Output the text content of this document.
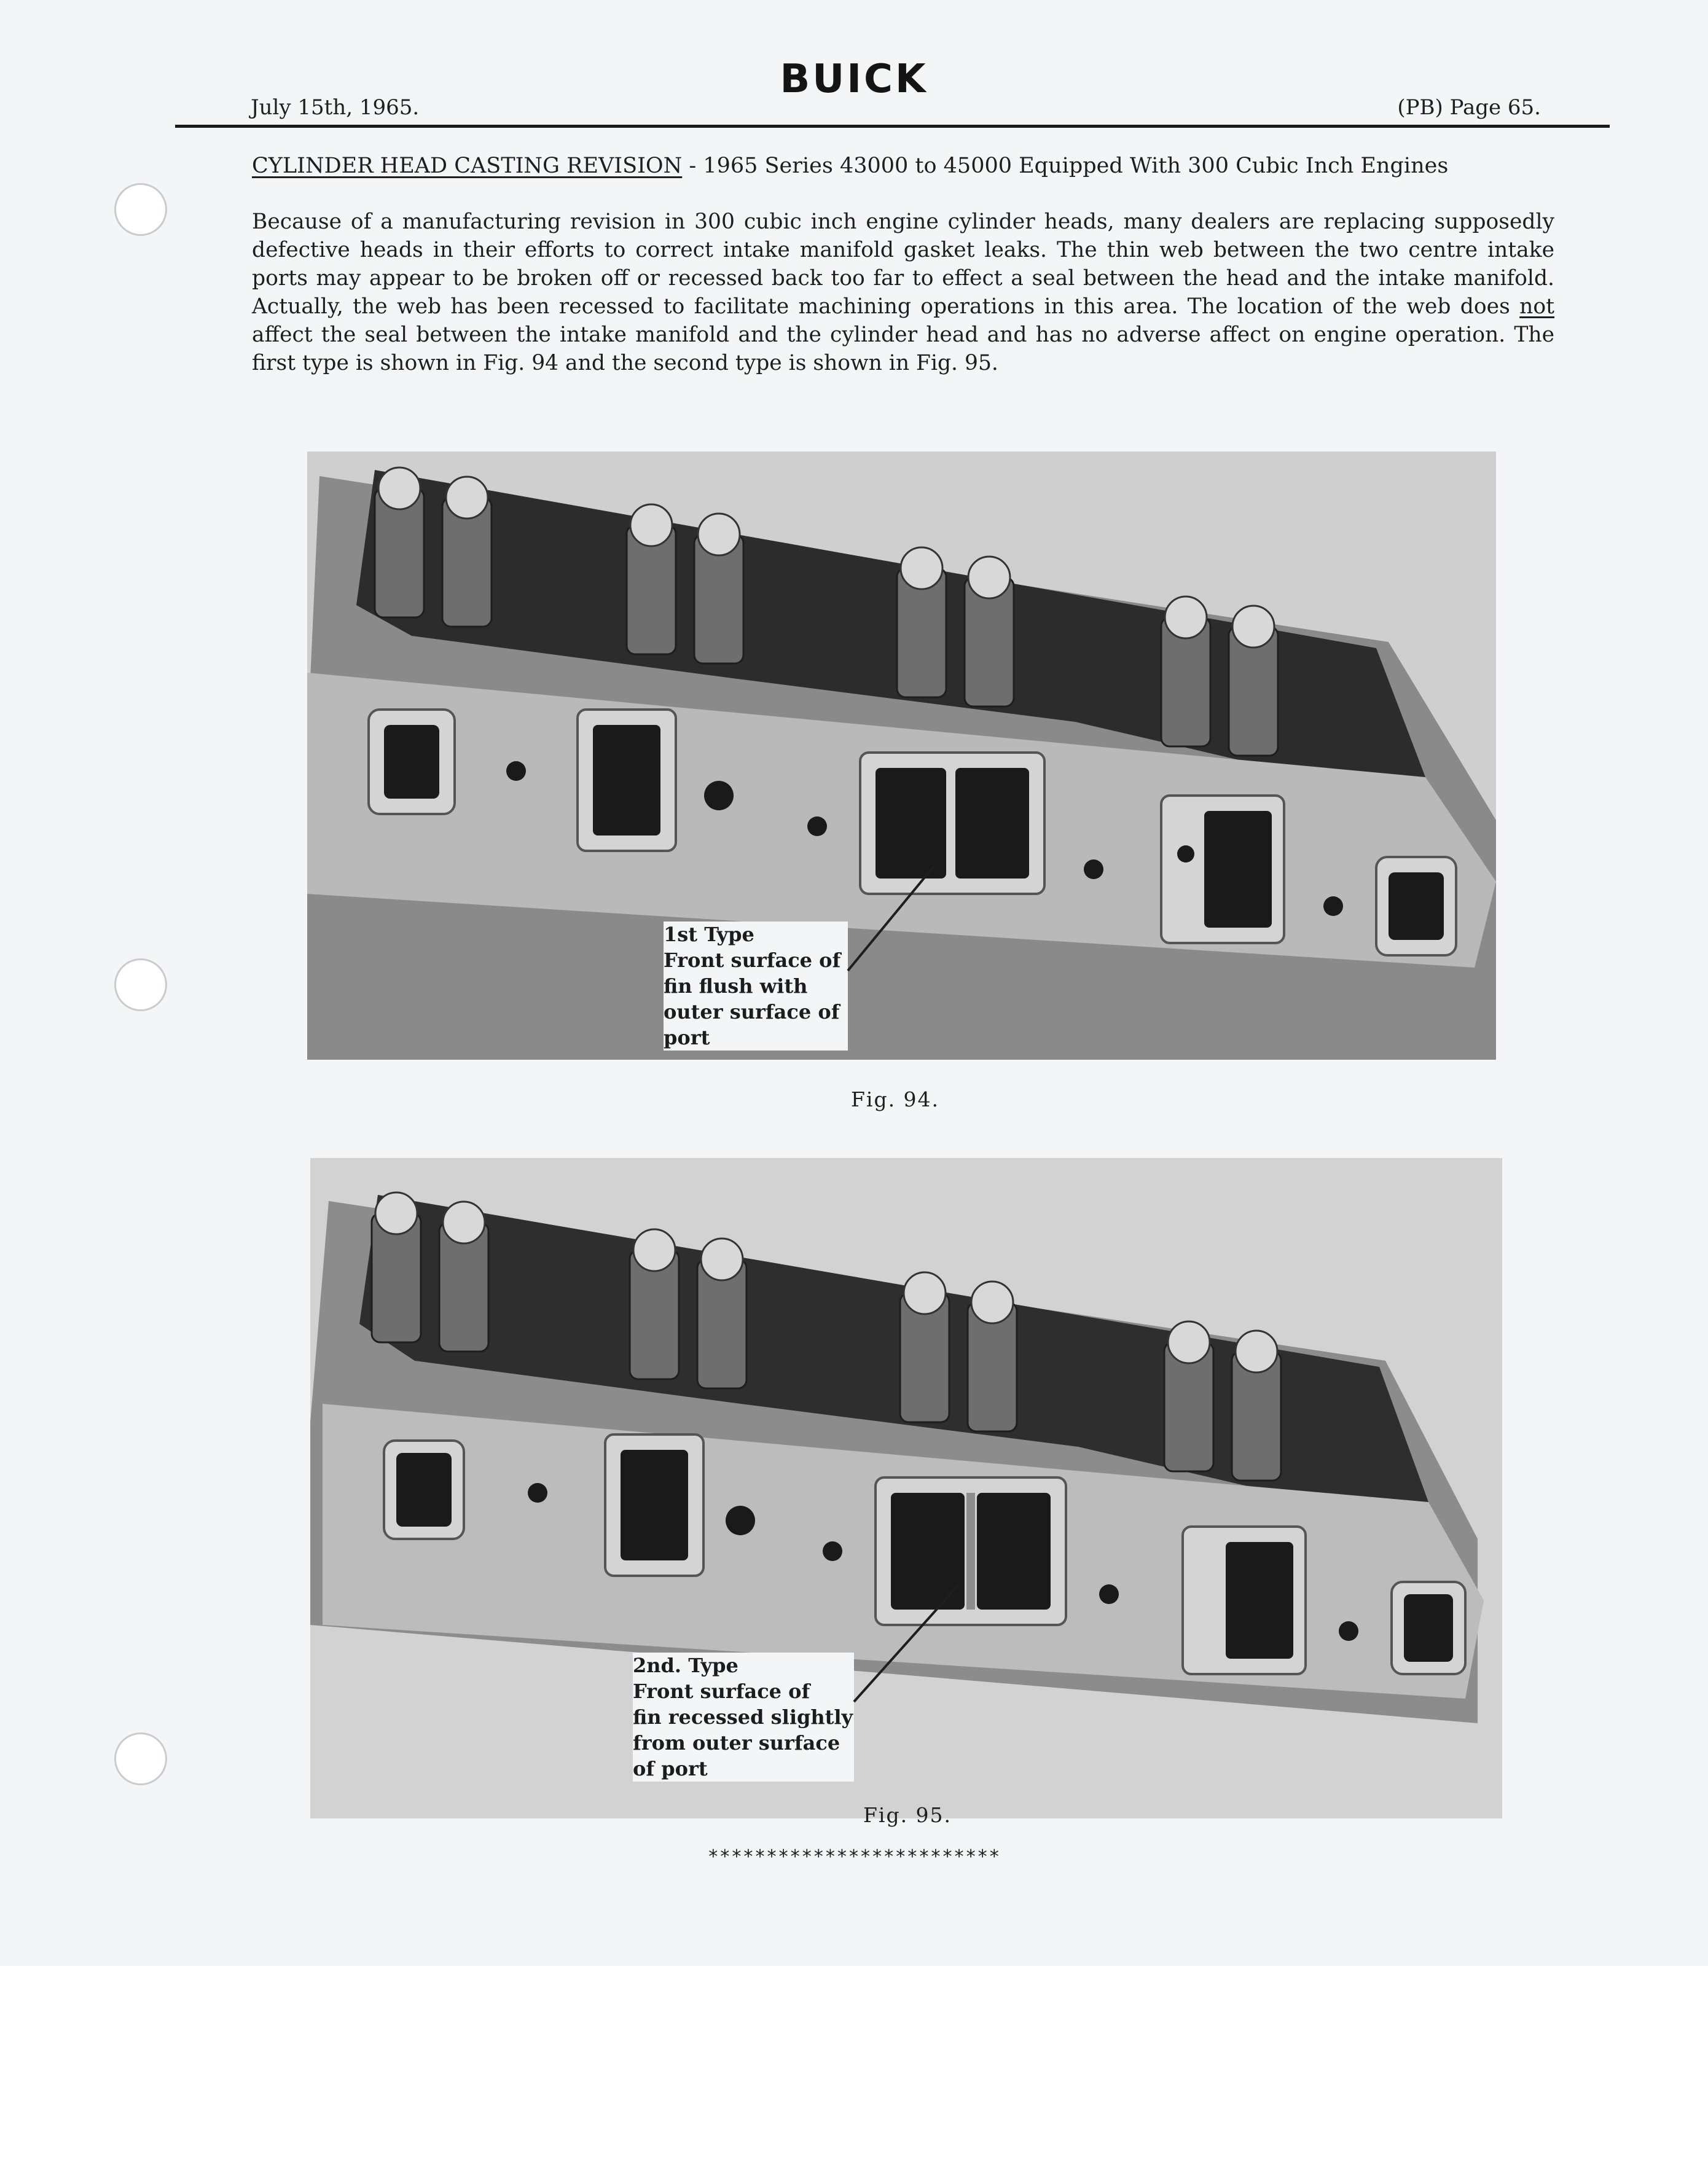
BUICK
July 15th, 1965.	(PB) Page 65.
CYLINDER HEAD CASTING REVISION - 1965 Series 43000 to 45000 Equipped With 300 Cubic Inch Engines
Because of a manufacturing revision in 300 cubic inch engine cylinder heads, many dealers are replacing supposedly defective heads in their efforts to correct intake manifold gasket leaks. The thin web between the two centre intake ports may appear to be broken off or recessed back too far to effect a seal between the head and the intake manifold. Actually, the web has been recessed to facilitate machining operations in this area. The location of the web does not affect the seal between the intake manifold and the cylinder head and has no adverse affect on engine operation. The first type is shown in Fig. 94 and the second type is shown in Fig. 95.
1st Type
Front surface of
fin flush with
outer surface of
port
Fig. 94.
2nd. Type
Front surface of
fin recessed slightly
from outer surface
of port
Fig. 95.
*************************
